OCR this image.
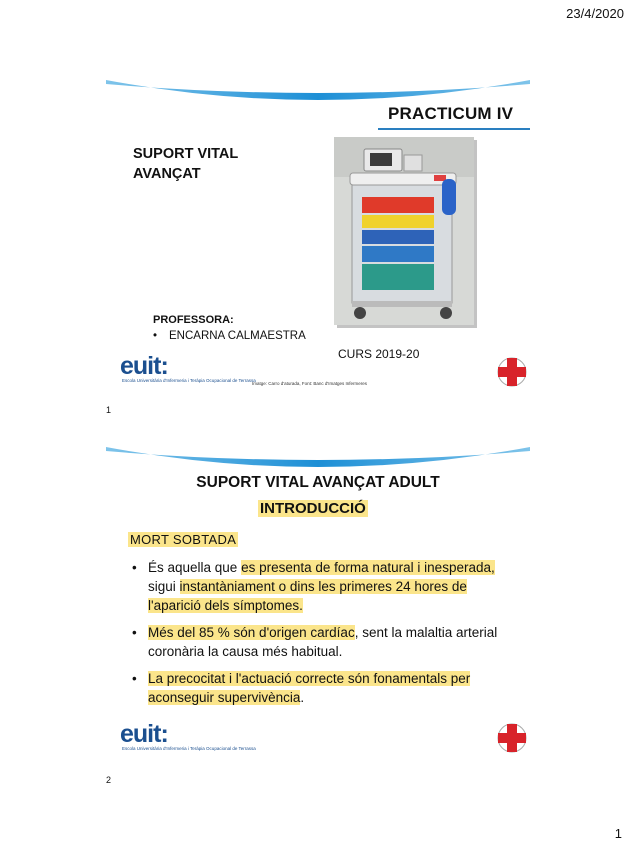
23/4/2020
PRACTICUM IV
SUPORT VITAL
AVANÇAT
PROFESSORA:
• ENCARNA CALMAESTRA
CURS 2019-20
euit:
Escola Universitària d'Infermeria i Teràpia Ocupacional de Terrassa
Imatge: Carro d'aturada, Font: Banc d'Imatges Infermeres
1
SUPORT VITAL AVANÇAT ADULT
INTRODUCCIÓ
MORT SOBTADA
• És aquella que es presenta de forma natural i inesperada, sigui instantàniament o dins les primeres 24 hores de l'aparició dels símptomes.
• Més del 85 % són d'origen cardíac, sent la malaltia arterial coronària la causa més habitual.
• La precocitat i l'actuació correcte són fonamentals per aconseguir supervivència.
euit:
Escola Universitària d'Infermeria i Teràpia Ocupacional de Terrassa
2
1
